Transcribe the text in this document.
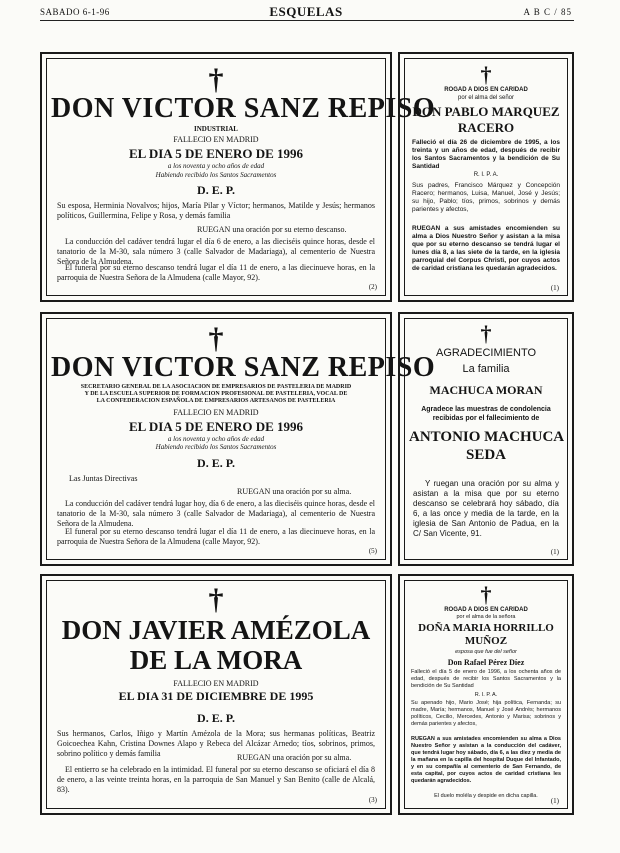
SABADO 6-1-96	ESQUELAS	A B C / 85
†
DON VICTOR SANZ REPISO
INDUSTRIAL
FALLECIO EN MADRID
EL DIA 5 DE ENERO DE 1996
a los noventa y ocho años de edad
Habiendo recibido los Santos Sacramentos
D. E. P.

Su esposa, Herminia Novalvos; hijos, María Pilar y Víctor; hermanos, Matilde y Jesús; hermanos políticos, Guillermina, Felipe y Rosa, y demás familia

RUEGAN una oración por su eterno descanso.

La conducción del cadáver tendrá lugar el día 6 de enero, a las dieciséis quince horas, desde el tanatorio de la M-30, sala número 3 (calle Salvador de Madariaga), al cementerio de Nuestra Señora de la Almudena.

El funeral por su eterno descanso tendrá lugar el día 11 de enero, a las diecinueve horas, en la parroquia de Nuestra Señora de la Almudena (calle Mayor, 92).

(2)
†
DON VICTOR SANZ REPISO
SECRETARIO GENERAL DE LA ASOCIACION DE EMPRESARIOS DE PASTELERIA DE MADRID
Y DE LA ESCUELA SUPERIOR DE FORMACION PROFESIONAL DE PASTELERIA, VOCAL DE
LA CONFEDERACION ESPAÑOLA DE EMPRESARIOS ARTESANOS DE PASTELERIA
FALLECIO EN MADRID
EL DIA 5 DE ENERO DE 1996
a los noventa y ocho años de edad
Habiendo recibido los Santos Sacramentos
D. E. P.

Las Juntas Directivas

RUEGAN una oración por su alma.

La conducción del cadáver tendrá lugar hoy, día 6 de enero, a las dieciséis quince horas, desde el tanatorio de la M-30, sala número 3 (calle Salvador de Madariaga), al cementerio de Nuestra Señora de la Almudena.

El funeral por su eterno descanso tendrá lugar el día 11 de enero, a las diecinueve horas, en la parroquia de Nuestra Señora de la Almudena (calle Mayor, 92).

(5)
†
DON JAVIER AMÉZOLA
DE LA MORA
FALLECIO EN MADRID
EL DIA 31 DE DICIEMBRE DE 1995
D. E. P.

Sus hermanos, Carlos, Iñigo y Martín Amézola de la Mora; sus hermanas políticas, Beatriz Goicoechea Kahn, Cristina Downes Alapo y Rebeca del Alcázar Arnedo; tíos, sobrinos, primos, sobrino político y demás familia	RUEGAN una oración por su alma.

El entierro se ha celebrado en la intimidad. El funeral por su eterno descanso se oficiará el día 8 de enero, a las veinte treinta horas, en la parroquia de San Manuel y San Benito (calle de Alcalá, 83).

(3)
†
ROGAD A DIOS EN CARIDAD
por el alma del señor
DON PABLO MARQUEZ
RACERO

Falleció el día 26 de diciembre de 1995, a los treinta y un años de edad, después de recibir los Santos Sacramentos y la bendición de Su Santidad

R. I. P. A.

Sus padres, Francisco Márquez y Concepción Racero; hermanos, Luisa, Manuel, José y Jesús; su hijo, Pablo; tíos, primos, sobrinos y demás parientes y afectos,

RUEGAN a sus amistades encomienden su alma a Dios Nuestro Señor y asistan a la misa que por su eterno descanso se tendrá lugar el lunes día 8, a las siete de la tarde, en la iglesia parroquial del Corpus Christi, por cuyos actos de caridad cristiana les quedarán agradecidos.

(1)
†
AGRADECIMIENTO
La familia
MACHUCA MORAN

Agradece las muestras de condolencia recibidas por el fallecimiento de

ANTONIO MACHUCA
SEDA

Y ruegan una oración por su alma y asistan a la misa que por su eterno descanso se celebrará hoy sábado, día 6, a las once y media de la tarde, en la iglesia de San Antonio de Padua, en la C/ San Vicente, 91.

(1)
†
ROGAD A DIOS EN CARIDAD
por el alma de la señora
DOÑA MARIA HORRILLO
MUÑOZ
esposa que fue del señor
Don Rafael Pérez Díez

Falleció el día 5 de enero de 1996, a los ochenta años de edad, después de recibir los Santos Sacramentos y la bendición de Su Santidad

R. I. P. A.

Su apenado hijo, Mario José; hija política, Fernanda; su madre, María; hermanos, Manuel y José Andrés; hermanos políticos, Cecilio, Mercedes, Antonio y Marisa; sobrinos y demás parientes y afectos,

RUEGAN a sus amistades encomienden su alma a Dios Nuestro Señor y asistan a la conducción del cadáver, que tendrá lugar hoy sábado, día 6, a las diez y media de la mañana en la capilla del hospital Duque del Infantado, y en su compañía al cementerio de San Fernando, de esta capital, por cuyos actos de caridad cristiana les quedarán agradecidos.

El duelo moléla y despide en dicha capilla.

(1)
